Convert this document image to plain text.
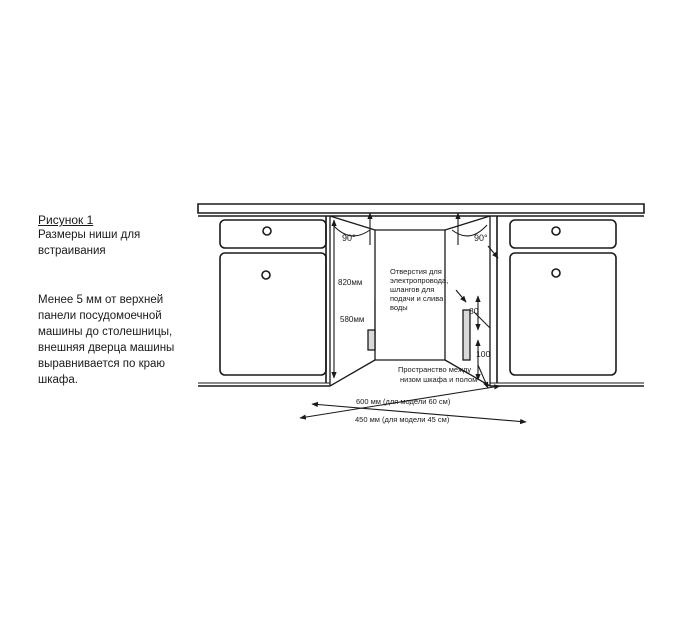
Рисунок 1

Размеры ниши для встраивания

Менее 5 мм от верхней панели посудомоечной машины до столешницы, внешняя дверца машины выравнивается по краю шкафа.
90°	90°
820мм
580мм
Отверстия для электропровода, шлангов для подачи и слива воды	80
100
Пространство между низом шкафа и полом
600 мм (для модели 60 см)
450 мм (для модели 45 см)
